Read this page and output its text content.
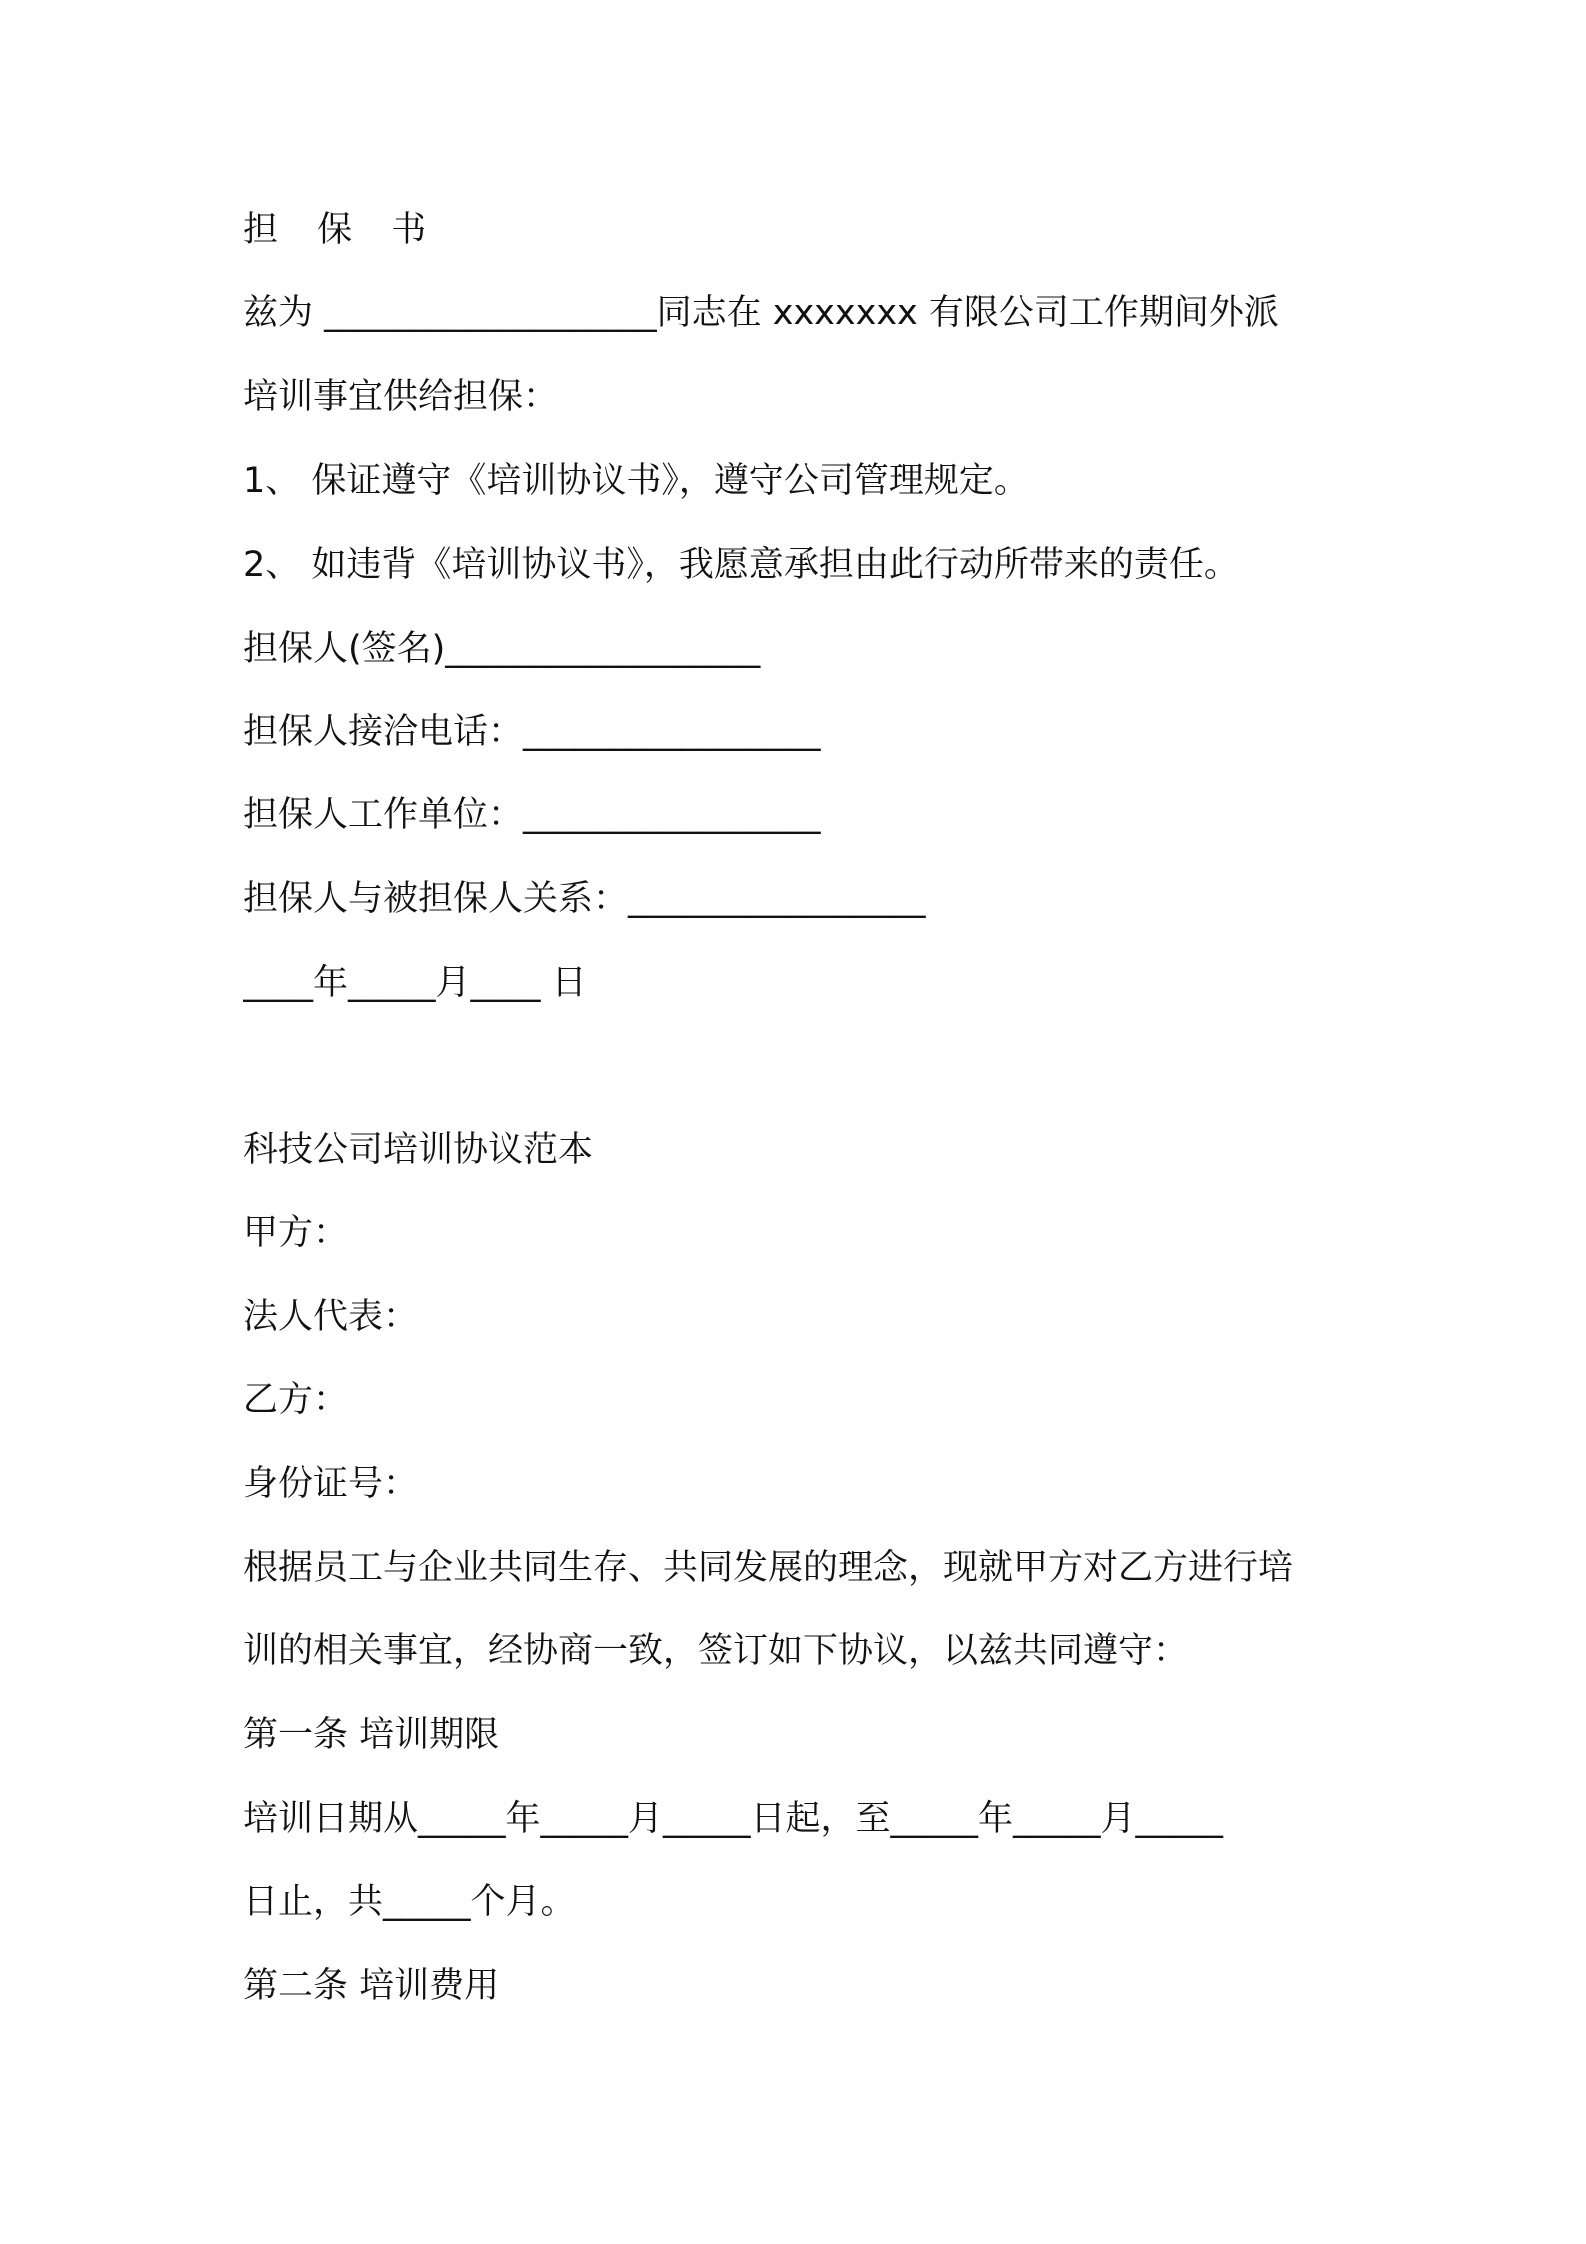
担 保 书
兹为 ___________________同志在 xxxxxxx 有限公司工作期间外派
培训事宜供给担保：
1、 保证遵守《培训协议书》，遵守公司管理规定。
2、 如违背《培训协议书》，我愿意承担由此行动所带来的责任。
担保人(签名)__________________
担保人接洽电话：_________________
担保人工作单位：_________________
担保人与被担保人关系：_________________
____年_____月____ 日
科技公司培训协议范本
甲方：
法人代表：
乙方：
身份证号：
根据员工与企业共同生存、共同发展的理念，现就甲方对乙方进行培
训的相关事宜，经协商一致，签订如下协议，以兹共同遵守：
第一条 培训期限
培训日期从_____年_____月_____日起，至_____年_____月_____
日止，共_____个月。
第二条 培训费用
